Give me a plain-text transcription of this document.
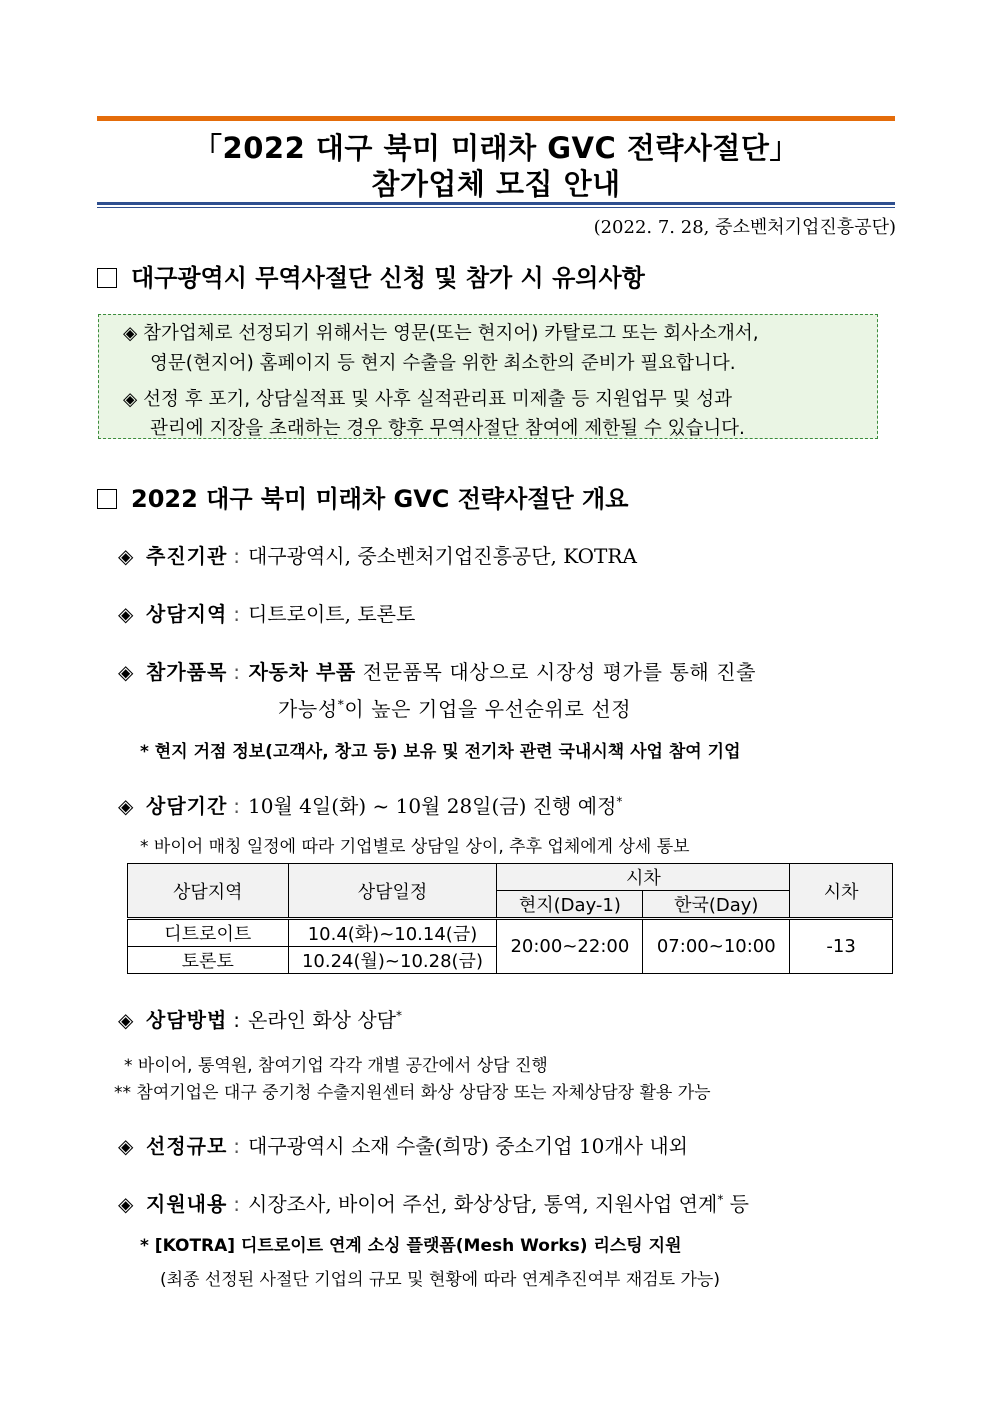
「2022 대구 북미 미래차 GVC 전략사절단」
참가업체 모집 안내
(2022. 7. 28, 중소벤처기업진흥공단)
대구광역시 무역사절단 신청 및 참가 시 유의사항
◈ 참가업체로 선정되기 위해서는 영문(또는 현지어) 카탈로그 또는 회사소개서,
영문(현지어) 홈페이지 등 현지 수출을 위한 최소한의 준비가 필요합니다.
◈ 선정 후 포기, 상담실적표 및 사후 실적관리표 미제출 등 지원업무 및 성과
관리에 지장을 초래하는 경우 향후 무역사절단 참여에 제한될 수 있습니다.
2022 대구 북미 미래차 GVC 전략사절단 개요
◈ 추진기관 : 대구광역시, 중소벤처기업진흥공단, KOTRA
◈ 상담지역 : 디트로이트, 토론토
◈ 참가품목 : 자동차 부품 전문품목 대상으로 시장성 평가를 통해 진출
가능성*이 높은 기업을 우선순위로 선정
* 현지 거점 정보(고객사, 창고 등) 보유 및 전기차 관련 국내시책 사업 참여 기업
◈ 상담기간 : 10월 4일(화) ~ 10월 28일(금) 진행 예정*
* 바이어 매칭 일정에 따라 기업별로 상담일 상이, 추후 업체에게 상세 통보
상담지역	상담일정	시차		시차
		현지(Day-1)	한국(Day)	
디트로이트	10.4(화)~10.14(금)	20:00~22:00	07:00~10:00	-13
토론토	10.24(월)~10.28(금)			
◈ 상담방법 : 온라인 화상 상담*
* 바이어, 통역원, 참여기업 각각 개별 공간에서 상담 진행
** 참여기업은 대구 중기청 수출지원센터 화상 상담장 또는 자체상담장 활용 가능
◈ 선정규모 : 대구광역시 소재 수출(희망) 중소기업 10개사 내외
◈ 지원내용 : 시장조사, 바이어 주선, 화상상담, 통역, 지원사업 연계* 등
* [KOTRA] 디트로이트 연계 소싱 플랫폼(Mesh Works) 리스팅 지원
(최종 선정된 사절단 기업의 규모 및 현황에 따라 연계추진여부 재검토 가능)
